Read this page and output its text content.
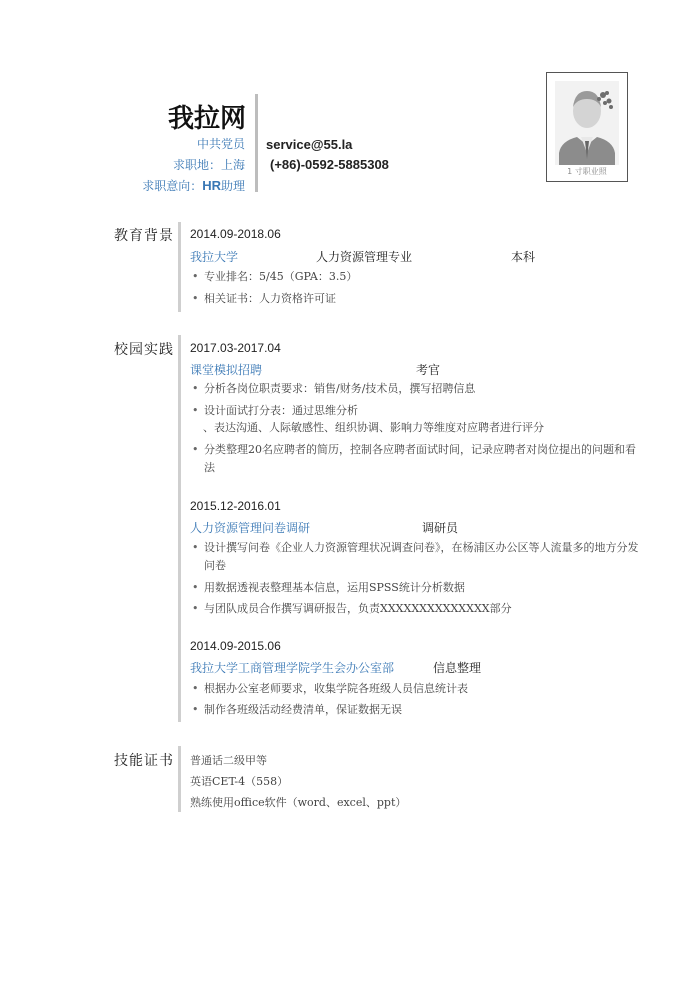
我拉网
中共党员
求职地：上海
求职意向：HR助理
service@55.la
(+86)-0592-5885308	1 寸职业照
教育背景 2014.09-2018.06
我拉大学	人力资源管理专业	本科
• 专业排名：5/45（GPA：3.5）
• 相关证书：人力资格许可证
校园实践 2017.03-2017.04
课堂模拟招聘	考官
• 分析各岗位职责要求：销售/财务/技术员，撰写招聘信息
• 设计面试打分表：通过思维分析
、表达沟通、人际敏感性、组织协调、影响力等维度对应聘者进行评分
• 分类整理20名应聘者的简历，控制各应聘者面试时间，记录应聘者对岗位提出的问题和看法
2015.12-2016.01
人力资源管理问卷调研	调研员
• 设计撰写问卷《企业人力资源管理状况调查问卷》，在杨浦区办公区等人流量多的地方分发问卷
• 用数据透视表整理基本信息，运用SPSS统计分析数据
• 与团队成员合作撰写调研报告，负责XXXXXXXXXXXXXX部分
2014.09-2015.06
我拉大学工商管理学院学生会办公室部	信息整理
• 根据办公室老师要求，收集学院各班级人员信息统计表
• 制作各班级活动经费清单，保证数据无误
技能证书 普通话二级甲等
英语CET-4（558）
熟练使用office软件（word、excel、ppt）
